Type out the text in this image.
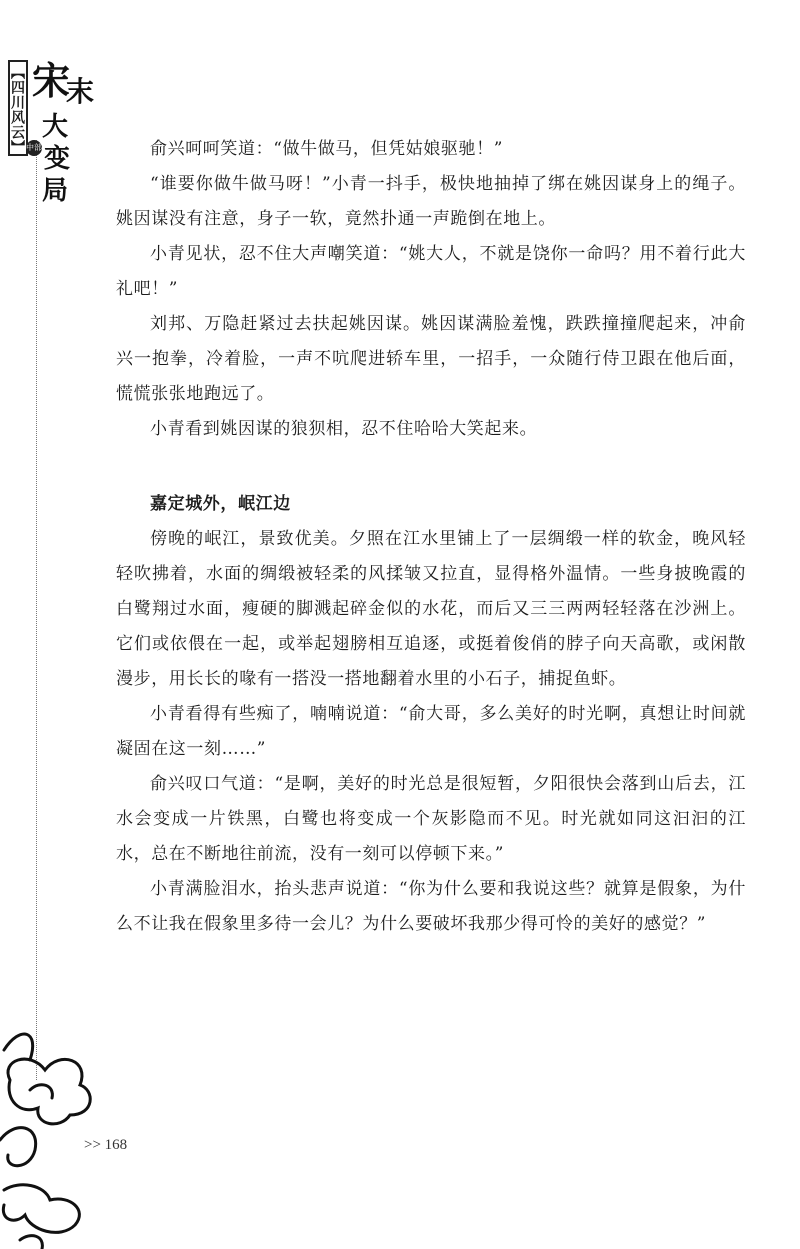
【四川风云】 宋
末
大
变
局
中部	俞兴呵呵笑道：“做牛做马，但凭姑娘驱驰！”

“谁要你做牛做马呀！”小青一抖手，极快地抽掉了绑在姚因谋身上的绳子。姚因谋没有注意，身子一软，竟然扑通一声跪倒在地上。

小青见状，忍不住大声嘲笑道：“姚大人，不就是饶你一命吗？用不着行此大礼吧！”

刘邦、万隐赶紧过去扶起姚因谋。姚因谋满脸羞愧，跌跌撞撞爬起来，冲俞兴一抱拳，冷着脸，一声不吭爬进轿车里，一招手，一众随行侍卫跟在他后面，慌慌张张地跑远了。

小青看到姚因谋的狼狈相，忍不住哈哈大笑起来。

嘉定城外，岷江边

傍晚的岷江，景致优美。夕照在江水里铺上了一层绸缎一样的软金，晚风轻轻吹拂着，水面的绸缎被轻柔的风揉皱又拉直，显得格外温情。一些身披晚霞的白鹭翔过水面，瘦硬的脚溅起碎金似的水花，而后又三三两两轻轻落在沙洲上。它们或依偎在一起，或举起翅膀相互追逐，或挺着俊俏的脖子向天高歌，或闲散漫步，用长长的喙有一搭没一搭地翻着水里的小石子，捕捉鱼虾。

小青看得有些痴了，喃喃说道：“俞大哥，多么美好的时光啊，真想让时间就凝固在这一刻……”

俞兴叹口气道：“是啊，美好的时光总是很短暂，夕阳很快会落到山后去，江水会变成一片铁黑，白鹭也将变成一个灰影隐而不见。时光就如同这汩汩的江水，总在不断地往前流，没有一刻可以停顿下来。”

小青满脸泪水，抬头悲声说道：“你为什么要和我说这些？就算是假象，为什么不让我在假象里多待一会儿？为什么要破坏我那少得可怜的美好的感觉？”

>> 168
